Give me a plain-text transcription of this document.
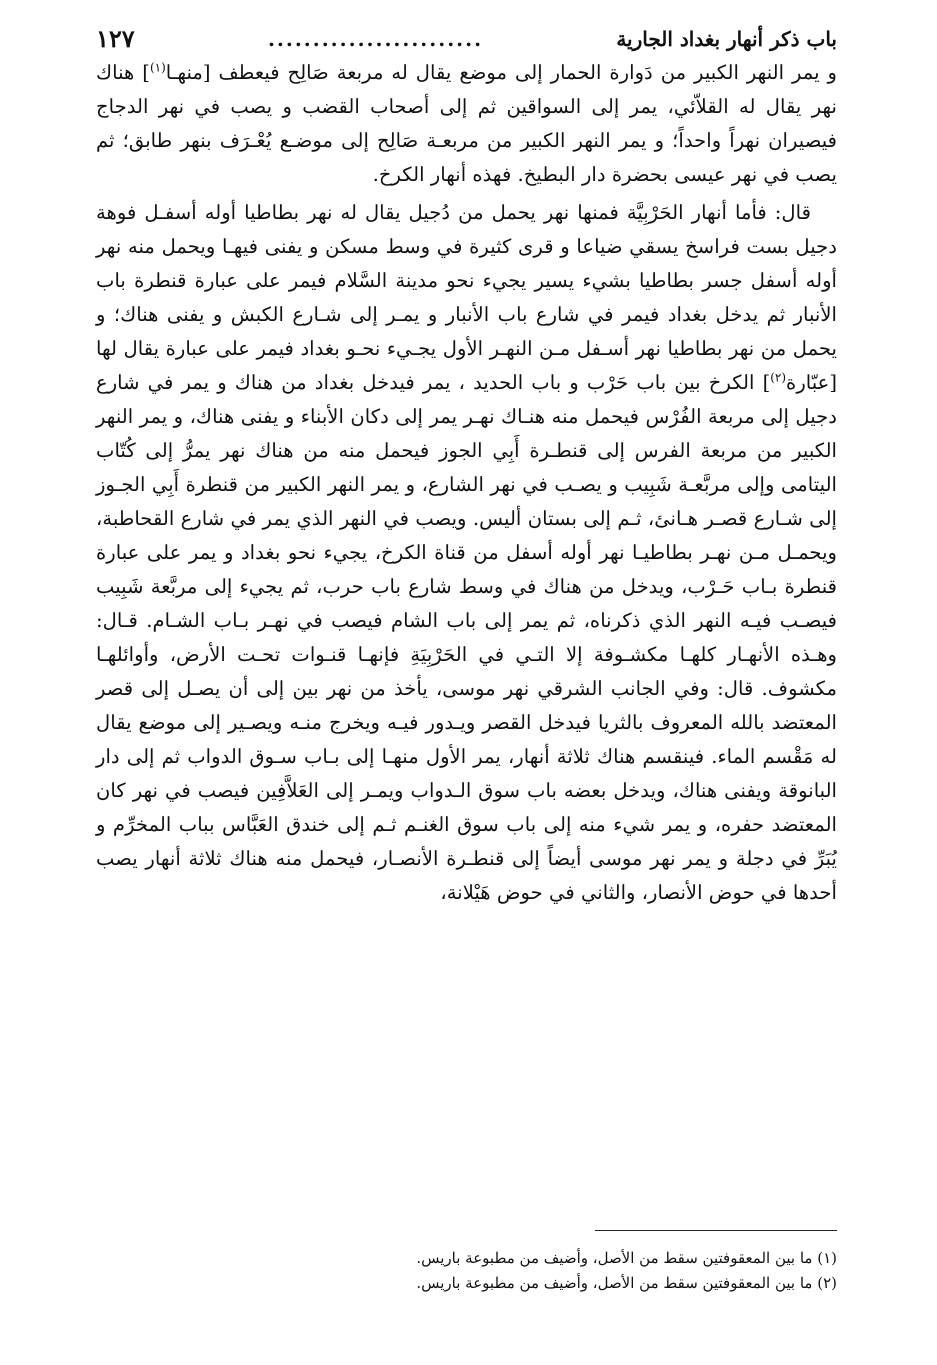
باب ذكر أنهار بغداد الجارية
........................
١٢٧

و يمر النهر الكبير من دَوارة الحمار إلى موضع يقال له مربعة صَالِح فيعطف [منهـا$^{(١)}$] هناك نهر يقال له القلاّئي، يمر إلى السواقين ثم إلى أصحاب القضب و يصب في نهر الدجاج فيصيران نهراً واحداً؛ و يمر النهر الكبير من مربعـة صَالِح إلى موضـع يُعْـرَف بنهر طابق؛ ثم يصب في نهر عيسى بحضرة دار البطيخ. فهذه أنهار الكرخ.

قال: فأما أنهار الحَرْبِيَّة فمنها نهر يحمل من دُجيل يقال له نهر بطاطيا أوله أسفـل فوهة دجيل بست فراسخ يسقي ضياعا و قرى كثيرة في وسط مسكن و يفنى فيهـا ويحمل منه نهر أوله أسفل جسر بطاطيا بشيء يسير يجيء نحو مدينة السَّلام فيمر على عبارة قنطرة باب الأنبار ثم يدخل بغداد فيمر في شارع باب الأنبار و يمـر إلى شـارع الكبش و يفنى هناك؛ و يحمل من نهر بطاطيا نهر أسـفل مـن النهـر الأول يجـيء نحـو بغداد فيمر على عبارة يقال لها [عبّارة$^{(٢)}$] الكرخ بين باب حَرْب و باب الحديد ، يمر فيدخل بغداد من هناك و يمر في شارع دجيل إلى مربعة الفُرْس فيحمل منه هنـاك نهـر يمر إلى دكان الأبناء و يفنى هناك، و يمر النهر الكبير من مربعة الفرس إلى قنطـرة أَبِي الجوز فيحمل منه من هناك نهر يمرُّ إلى كُتّاب اليتامى وإلى مربَّعـة شَبِيب و يصـب في نهر الشارع، و يمر النهر الكبير من قنطرة أَبِي الجـوز إلى شـارع قصـر هـانئ، ثـم إلى بستان أليس. ويصب في النهر الذي يمر في شارع القحاطبة، ويحمـل مـن نهـر بطاطيـا نهر أوله أسفل من قناة الكرخ، يجيء نحو بغداد و يمر على عبارة قنطرة بـاب حَـرْب، ويدخل من هناك في وسط شارع باب حرب، ثم يجيء إلى مربَّعة شَبِيب فيصـب فيـه النهر الذي ذكرناه، ثم يمر إلى باب الشام فيصب في نهـر بـاب الشـام. قـال: وهـذه الأنهـار كلهـا مكشـوفة إلا التـي في الحَرْبِيَةِ فإنهـا قنـوات تحـت الأرض، وأوائلهـا مكشوف. قال: وفي الجانب الشرقي نهر موسى، يأخذ من نهر بين إلى أن يصـل إلى قصر المعتضد بالله المعروف بالثريا فيدخل القصر ويـدور فيـه ويخرج منـه ويصـير إلى موضع يقال له مَقْسم الماء. فينقسم هناك ثلاثة أنهار، يمر الأول منهـا إلى بـاب سـوق الدواب ثم إلى دار البانوقة ويفنى هناك، ويدخل بعضه باب سوق الـدواب ويمـر إلى العَلاَّفِين فيصب في نهر كان المعتضد حفره، و يمر شيء منه إلى باب سوق الغنـم ثـم إلى خندق العَبَّاس بباب المخرِّم و يُبَرِّ في دجلة و يمر نهر موسى أيضاً إلى قنطـرة الأنصـار، فيحمل منه هناك ثلاثة أنهار يصب أحدها في حوض الأنصار، والثاني في حوض هَيْلانة،

(١) ما بين المعقوفتين سقط من الأصل، وأضيف من مطبوعة باريس.
(٢) ما بين المعقوفتين سقط من الأصل، وأضيف من مطبوعة باريس.
